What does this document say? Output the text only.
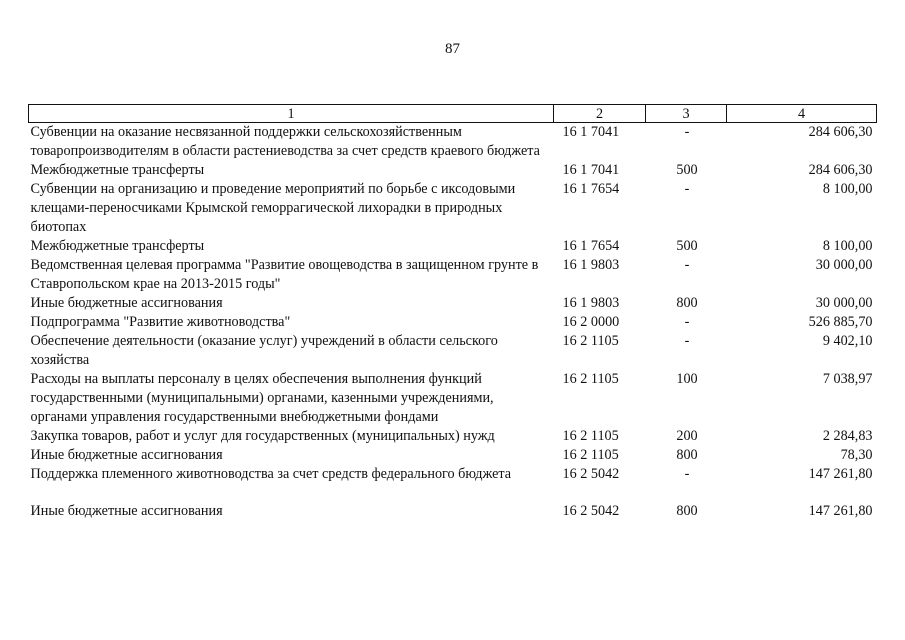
87
1	2	3	4
Субвенции на оказание несвязанной поддержки сельскохозяйственным товаропроизводителям в области растениеводства за счет средств краевого бюджета	16 1 7041	-	284 606,30
Межбюджетные трансферты	16 1 7041	500	284 606,30
Субвенции на организацию и проведение мероприятий по борьбе с иксодовыми клещами-переносчиками Крымской геморрагической лихорадки в природных биотопах	16 1 7654	-	8 100,00
Межбюджетные трансферты	16 1 7654	500	8 100,00
Ведомственная целевая программа "Развитие овощеводства в защищенном грунте в Ставропольском крае на 2013-2015 годы"	16 1 9803	-	30 000,00
Иные бюджетные ассигнования	16 1 9803	800	30 000,00
Подпрограмма "Развитие животноводства"	16 2 0000	-	526 885,70
Обеспечение деятельности (оказание услуг) учреждений в области сельского хозяйства	16 2 1105	-	9 402,10
Расходы на выплаты персоналу в целях обеспечения выполнения функций государственными (муниципальными) органами, казенными учреждениями, органами управления государственными внебюджетными фондами	16 2 1105	100	7 038,97
Закупка товаров, работ и услуг для государственных (муниципальных) нужд	16 2 1105	200	2 284,83
Иные бюджетные ассигнования	16 2 1105	800	78,30
Поддержка племенного животноводства за счет средств федерального бюджета	16 2 5042	-	147 261,80

Иные бюджетные ассигнования	16 2 5042	800	147 261,80
